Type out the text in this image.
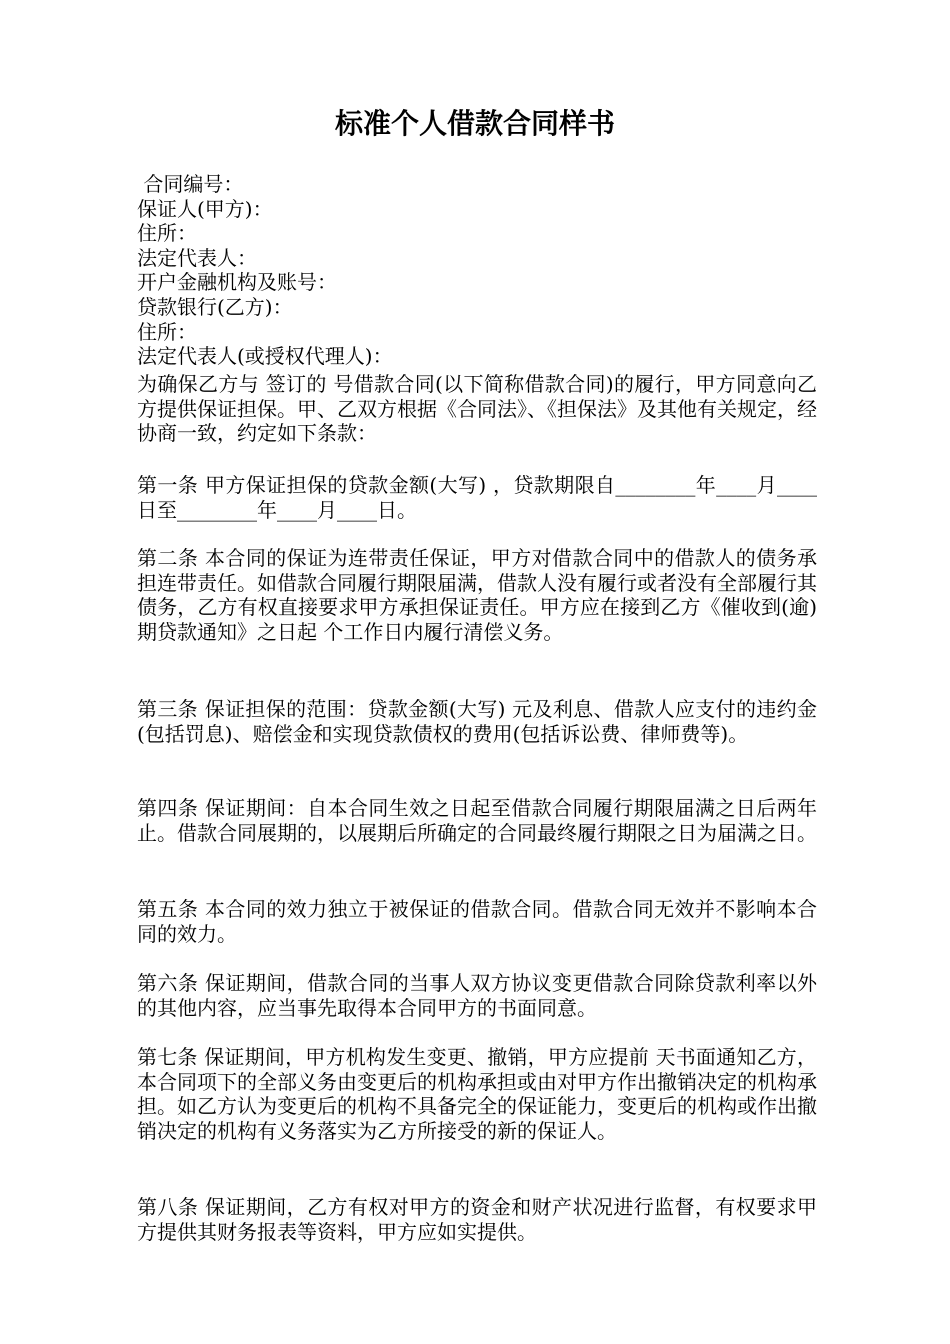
标准个人借款合同样书
合同编号：
保证人(甲方)：
住所：
法定代表人：
开户金融机构及账号：
贷款银行(乙方)：
住所：
法定代表人(或授权代理人)：
为确保乙方与 签订的 号借款合同(以下简称借款合同)的履行，甲方同意向乙方提供保证担保。甲、乙双方根据《合同法》、《担保法》及其他有关规定，经协商一致，约定如下条款：
第一条 甲方保证担保的贷款金额(大写) ，贷款期限自________年____月____日至________年____月____日。
第二条 本合同的保证为连带责任保证，甲方对借款合同中的借款人的债务承担连带责任。如借款合同履行期限届满，借款人没有履行或者没有全部履行其债务，乙方有权直接要求甲方承担保证责任。甲方应在接到乙方《催收到(逾)期贷款通知》之日起 个工作日内履行清偿义务。
第三条 保证担保的范围：贷款金额(大写) 元及利息、借款人应支付的违约金(包括罚息)、赔偿金和实现贷款债权的费用(包括诉讼费、律师费等)。
第四条 保证期间：自本合同生效之日起至借款合同履行期限届满之日后两年止。借款合同展期的，以展期后所确定的合同最终履行期限之日为届满之日。
第五条 本合同的效力独立于被保证的借款合同。借款合同无效并不影响本合同的效力。
第六条 保证期间，借款合同的当事人双方协议变更借款合同除贷款利率以外的其他内容，应当事先取得本合同甲方的书面同意。
第七条 保证期间，甲方机构发生变更、撤销，甲方应提前 天书面通知乙方，本合同项下的全部义务由变更后的机构承担或由对甲方作出撤销决定的机构承担。如乙方认为变更后的机构不具备完全的保证能力，变更后的机构或作出撤销决定的机构有义务落实为乙方所接受的新的保证人。
第八条 保证期间，乙方有权对甲方的资金和财产状况进行监督，有权要求甲方提供其财务报表等资料，甲方应如实提供。
